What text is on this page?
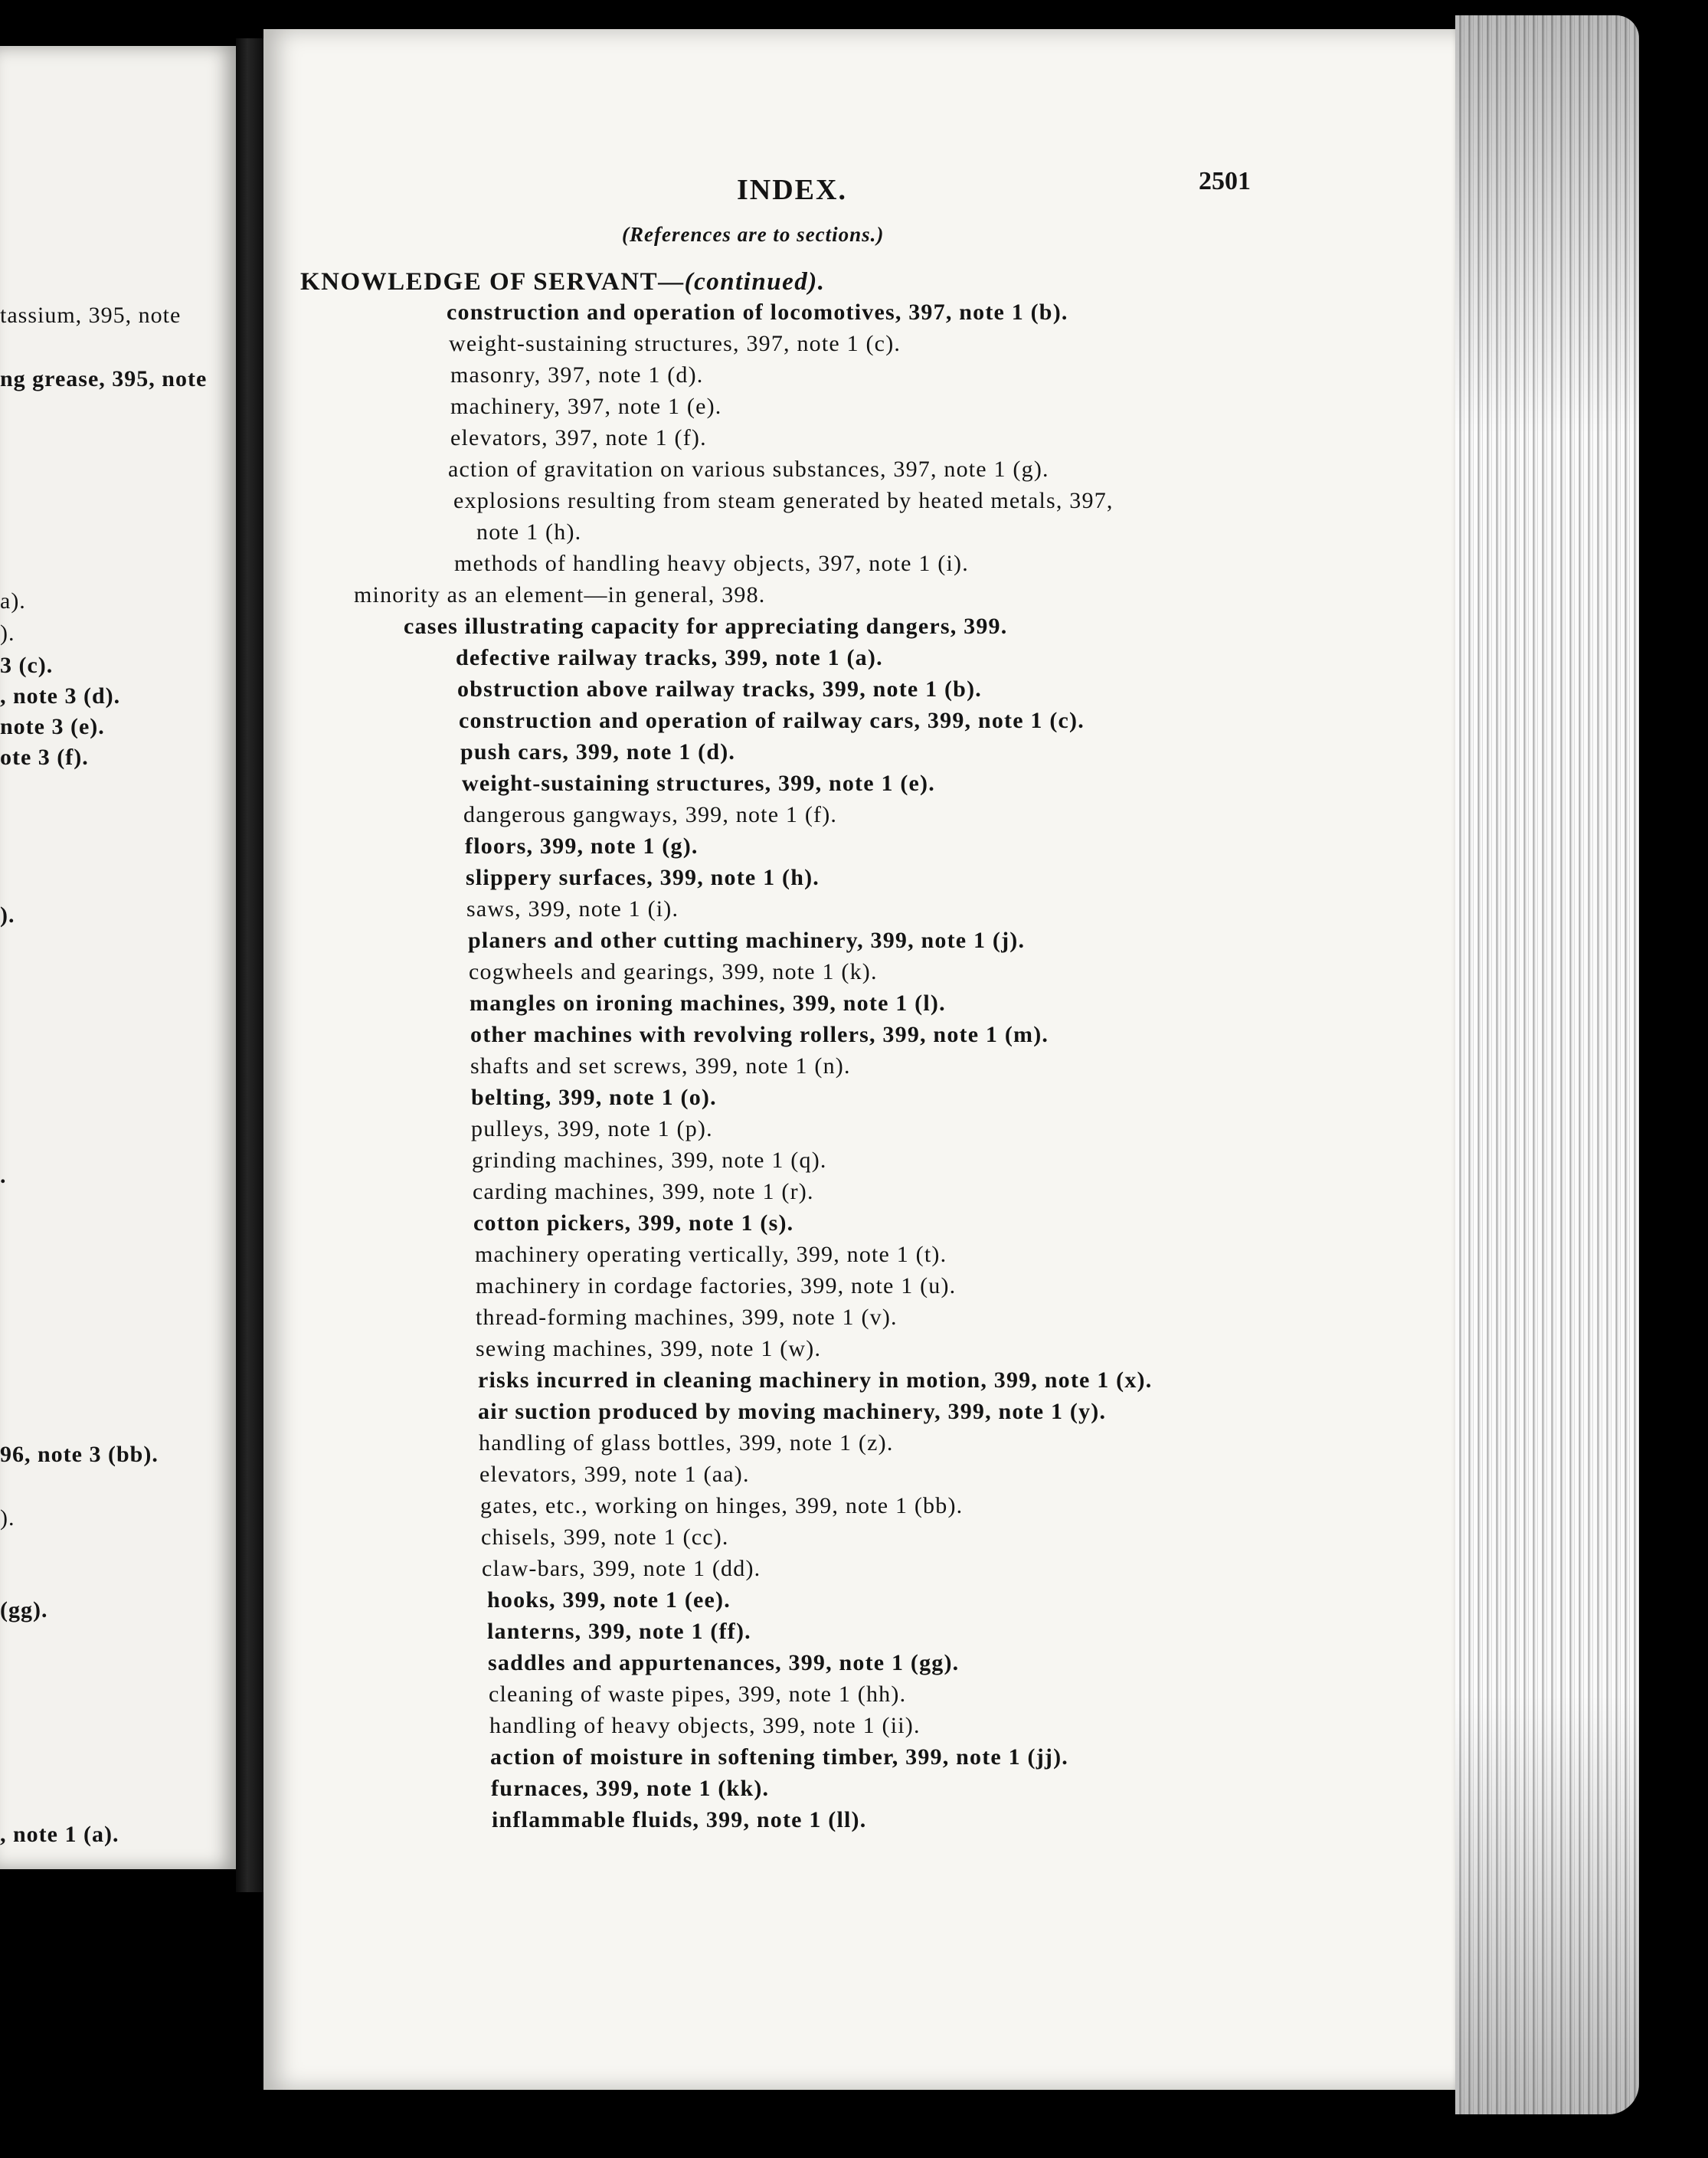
tassium, 395, note
ng grease, 395, note
a).
).
3 (c).
, note 3 (d).
note 3 (e).
ote 3 (f).
).
.
96, note 3 (bb).
).
(gg).
, note 1 (a).
INDEX.	2501
(References are to sections.)
KNOWLEDGE OF SERVANT—(continued).
construction and operation of locomotives, 397, note 1 (b).
weight-sustaining structures, 397, note 1 (c).
masonry, 397, note 1 (d).
machinery, 397, note 1 (e).
elevators, 397, note 1 (f).
action of gravitation on various substances, 397, note 1 (g).
explosions resulting from steam generated by heated metals, 397,
note 1 (h).
methods of handling heavy objects, 397, note 1 (i).
minority as an element—in general, 398.
cases illustrating capacity for appreciating dangers, 399.
defective railway tracks, 399, note 1 (a).
obstruction above railway tracks, 399, note 1 (b).
construction and operation of railway cars, 399, note 1 (c).
push cars, 399, note 1 (d).
weight-sustaining structures, 399, note 1 (e).
dangerous gangways, 399, note 1 (f).
floors, 399, note 1 (g).
slippery surfaces, 399, note 1 (h).
saws, 399, note 1 (i).
planers and other cutting machinery, 399, note 1 (j).
cogwheels and gearings, 399, note 1 (k).
mangles on ironing machines, 399, note 1 (l).
other machines with revolving rollers, 399, note 1 (m).
shafts and set screws, 399, note 1 (n).
belting, 399, note 1 (o).
pulleys, 399, note 1 (p).
grinding machines, 399, note 1 (q).
carding machines, 399, note 1 (r).
cotton pickers, 399, note 1 (s).
machinery operating vertically, 399, note 1 (t).
machinery in cordage factories, 399, note 1 (u).
thread-forming machines, 399, note 1 (v).
sewing machines, 399, note 1 (w).
risks incurred in cleaning machinery in motion, 399, note 1 (x).
air suction produced by moving machinery, 399, note 1 (y).
handling of glass bottles, 399, note 1 (z).
elevators, 399, note 1 (aa).
gates, etc., working on hinges, 399, note 1 (bb).
chisels, 399, note 1 (cc).
claw-bars, 399, note 1 (dd).
hooks, 399, note 1 (ee).
lanterns, 399, note 1 (ff).
saddles and appurtenances, 399, note 1 (gg).
cleaning of waste pipes, 399, note 1 (hh).
handling of heavy objects, 399, note 1 (ii).
action of moisture in softening timber, 399, note 1 (jj).
furnaces, 399, note 1 (kk).
inflammable fluids, 399, note 1 (ll).
